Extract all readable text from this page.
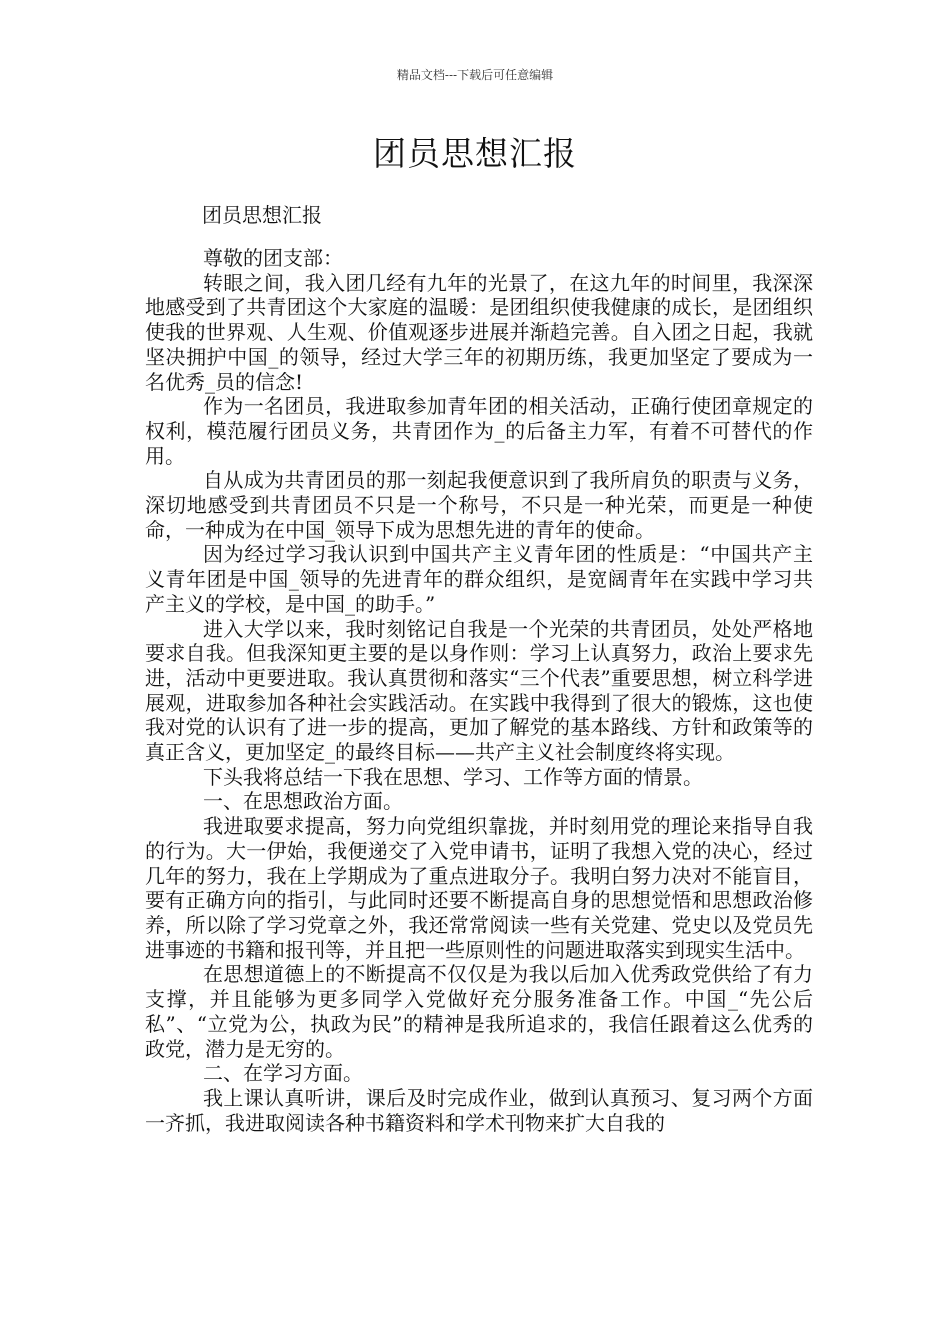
精品文档---下载后可任意编辑
团员思想汇报
团员思想汇报

尊敬的团支部：

转眼之间，我入团几经有九年的光景了，在这九年的时间里，我深深地感受到了共青团这个大家庭的温暖：是团组织使我健康的成长，是团组织使我的世界观、人生观、价值观逐步进展并渐趋完善。自入团之日起，我就坚决拥护中国_的领导，经过大学三年的初期历练，我更加坚定了要成为一名优秀_员的信念!

作为一名团员，我进取参加青年团的相关活动，正确行使团章规定的权利，模范履行团员义务，共青团作为_的后备主力军，有着不可替代的作用。

自从成为共青团员的那一刻起我便意识到了我所肩负的职责与义务，深切地感受到共青团员不只是一个称号，不只是一种光荣，而更是一种使命，一种成为在中国_领导下成为思想先进的青年的使命。

因为经过学习我认识到中国共产主义青年团的性质是：“中国共产主义青年团是中国_领导的先进青年的群众组织，是宽阔青年在实践中学习共产主义的学校，是中国_的助手。”

进入大学以来，我时刻铭记自我是一个光荣的共青团员，处处严格地要求自我。但我深知更主要的是以身作则：学习上认真努力，政治上要求先进，活动中更要进取。我认真贯彻和落实“三个代表”重要思想，树立科学进展观，进取参加各种社会实践活动。在实践中我得到了很大的锻炼，这也使我对党的认识有了进一步的提高，更加了解党的基本路线、方针和政策等的真正含义，更加坚定_的最终目标——共产主义社会制度终将实现。

下头我将总结一下我在思想、学习、工作等方面的情景。

一、在思想政治方面。

我进取要求提高，努力向党组织靠拢，并时刻用党的理论来指导自我的行为。大一伊始，我便递交了入党申请书，证明了我想入党的决心，经过几年的努力，我在上学期成为了重点进取分子。我明白努力决对不能盲目，要有正确方向的指引，与此同时还要不断提高自身的思想觉悟和思想政治修养，所以除了学习党章之外，我还常常阅读一些有关党建、党史以及党员先进事迹的书籍和报刊等，并且把一些原则性的问题进取落实到现实生活中。

在思想道德上的不断提高不仅仅是为我以后加入优秀政党供给了有力支撑，并且能够为更多同学入党做好充分服务准备工作。中国_“先公后私”、“立党为公，执政为民”的精神是我所追求的，我信任跟着这么优秀的政党，潜力是无穷的。

二、在学习方面。

我上课认真听讲，课后及时完成作业，做到认真预习、复习两个方面一齐抓，我进取阅读各种书籍资料和学术刊物来扩大自我的
